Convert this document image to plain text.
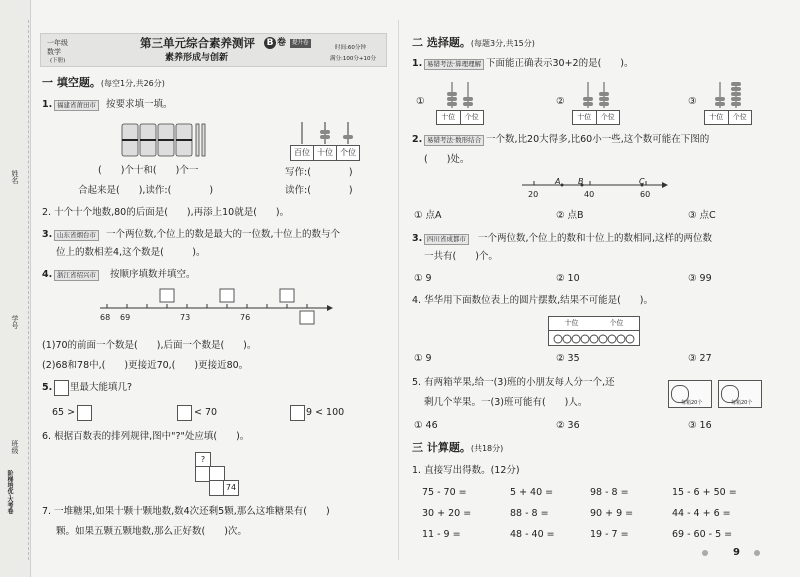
姓名
学号
班级
阶梯培优·大考卷
一年级
数学
(下册)
第三单元综合素养测评 B 卷	提升卷
素养形成与创新
时间:60分钟
满分:100分+10分
一 填空题。(每空1分,共26分)
1. 福建省莆田市	按要求填一填。
(　　)个十和(　　)个一
合起来是(　　),读作:(　　　　)
百位 十位 个位
写作:(　　　　)
读作:(　　　　)
2. 十个十个地数,80的后面是(　　),再添上10就是(　　)。
3. 山东省烟台市	一个两位数,个位上的数是最大的一位数,十位上的数与个
位上的数相差4,这个数是(　　　)。
4. 浙江省绍兴市	按顺序填数并填空。
68 69	73	76
(1)70的前面一个数是(　　),后面一个数是(　　)。
(2)68和78中,(　　)更接近70,(　　)更接近80。
5. 里最大能填几?
65 >	< 70	9 < 100
6. 根据百数表的排列规律,图中"?"处应填(　　)。
?
74
7. 一堆糖果,如果十颗十颗地数,数4次还剩5颗,那么这堆糖果有(　　)
颗。如果五颗五颗地数,那么正好数(　　)次。
二 选择题。(每题3分,共15分)
1. 易错考法·算理理解 下面能正确表示30+2的是(　　)。
①
十位	个位
②
十位	个位
③
十位	个位
2. 易错考法·数形结合 一个数,比20大得多,比60小一些,这个数可能在下图的
(　　)处。
A B	C
20	40	60
① 点A	② 点B	③ 点C
3. 四川省成都市	一个两位数,个位上的数和十位上的数相同,这样的两位数
一共有(　　)个。
① 9	② 10	③ 99
4. 华华用下面数位表上的圆片摆数,结果不可能是(　　)。
十位	个位
① 9	② 35	③ 27
5. 有两箱苹果,给一(3)班的小朋友每人分一个,还
剩几个苹果。一(3)班可能有(　　)人。	每箱20个	每箱20个
① 46	② 36	③ 16
三 计算题。(共18分)
1. 直接写出得数。(12分)
75 - 70 =	5 + 40 =	98 - 8 =	15 - 6 + 50 =
30 + 20 =	88 - 8 =	90 + 9 =	44 - 4 + 6 =
11 - 9 =	48 - 40 =	19 - 7 =	69 - 60 - 5 =
9
